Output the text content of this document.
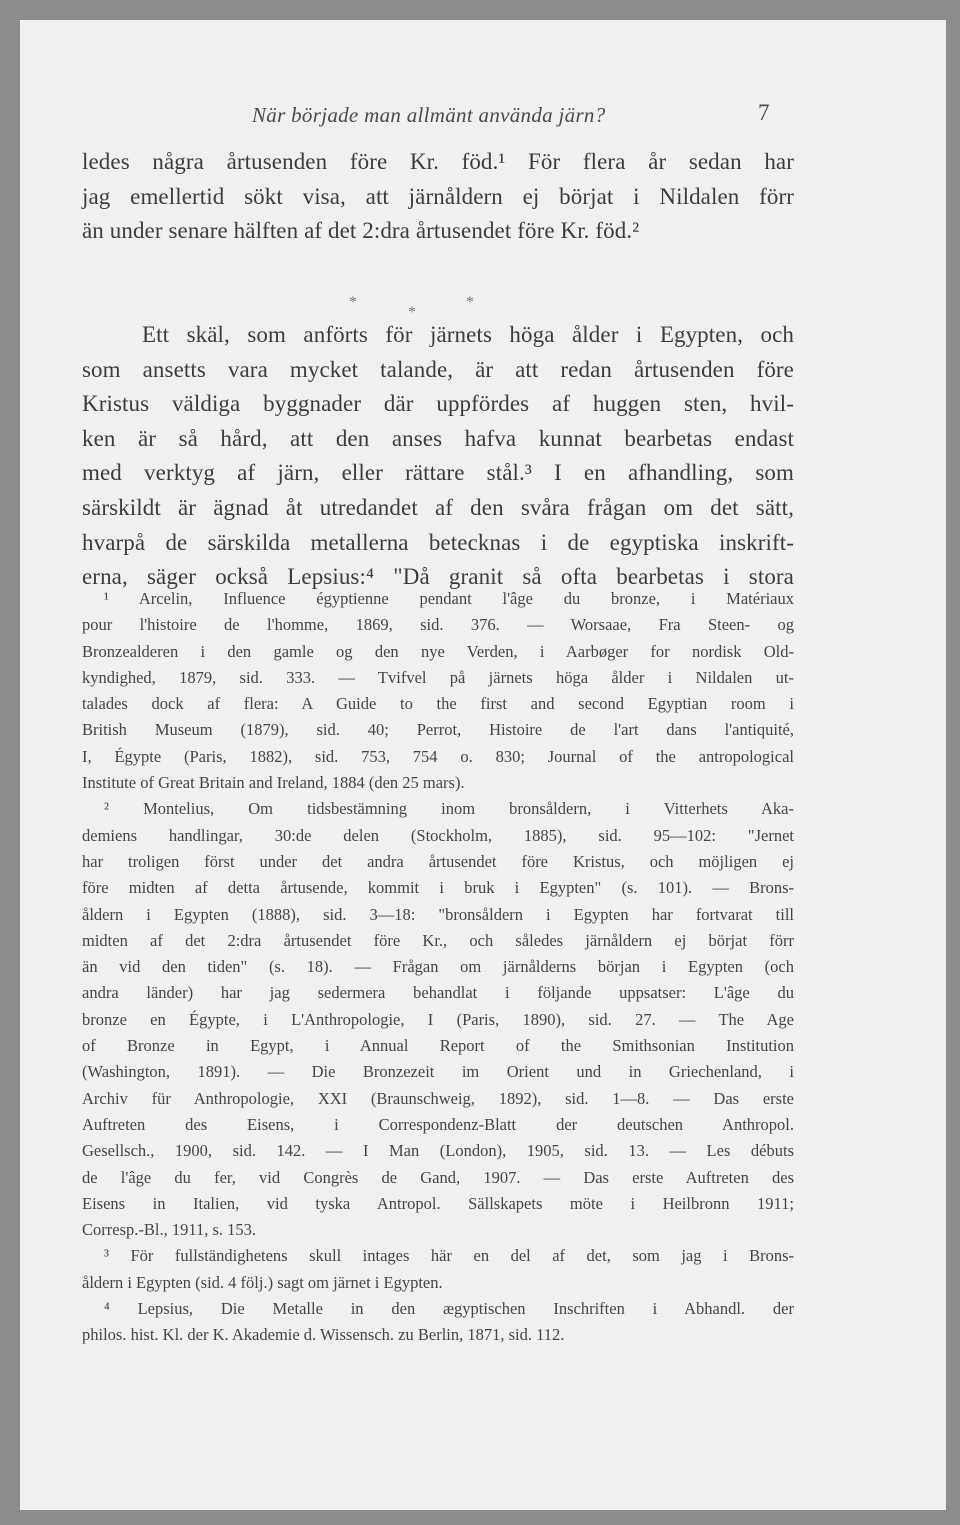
När började man allmänt använda järn?	7
ledes några årtusenden före Kr. föd.¹ För flera år sedan har
jag emellertid sökt visa, att järnåldern ej börjat i Nildalen förr
än under senare hälften af det 2:dra årtusendet före Kr. föd.²
*
*
*
Ett skäl, som anförts för järnets höga ålder i Egypten, och
som ansetts vara mycket talande, är att redan årtusenden före
Kristus väldiga byggnader där uppfördes af huggen sten, hvil-
ken är så hård, att den anses hafva kunnat bearbetas endast
med verktyg af järn, eller rättare stål.³ I en afhandling, som
särskildt är ägnad åt utredandet af den svåra frågan om det sätt,
hvarpå de särskilda metallerna betecknas i de egyptiska inskrift-
erna, säger också Lepsius:⁴ "Då granit så ofta bearbetas i stora
¹ Arcelin, Influence égyptienne pendant l'âge du bronze, i Matériaux
pour l'histoire de l'homme, 1869, sid. 376. — Worsaae, Fra Steen- og
Bronzealderen i den gamle og den nye Verden, i Aarbøger for nordisk Old-
kyndighed, 1879, sid. 333. — Tvifvel på järnets höga ålder i Nildalen ut-
talades dock af flera: A Guide to the first and second Egyptian room i
British Museum (1879), sid. 40; Perrot, Histoire de l'art dans l'antiquité,
I, Égypte (Paris, 1882), sid. 753, 754 o. 830; Journal of the antropological
Institute of Great Britain and Ireland, 1884 (den 25 mars).
² Montelius, Om tidsbestämning inom bronsåldern, i Vitterhets Aka-
demiens handlingar, 30:de delen (Stockholm, 1885), sid. 95—102: "Jernet
har troligen först under det andra årtusendet före Kristus, och möjligen ej
före midten af detta årtusende, kommit i bruk i Egypten" (s. 101). — Brons-
åldern i Egypten (1888), sid. 3—18: "bronsåldern i Egypten har fortvarat till
midten af det 2:dra årtusendet före Kr., och således järnåldern ej börjat förr
än vid den tiden" (s. 18). — Frågan om järnålderns början i Egypten (och
andra länder) har jag sedermera behandlat i följande uppsatser: L'âge du
bronze en Égypte, i L'Anthropologie, I (Paris, 1890), sid. 27. — The Age
of Bronze in Egypt, i Annual Report of the Smithsonian Institution
(Washington, 1891). — Die Bronzezeit im Orient und in Griechenland, i
Archiv für Anthropologie, XXI (Braunschweig, 1892), sid. 1—8. — Das erste
Auftreten des Eisens, i Correspondenz-Blatt der deutschen Anthropol.
Gesellsch., 1900, sid. 142. — I Man (London), 1905, sid. 13. — Les débuts
de l'âge du fer, vid Congrès de Gand, 1907. — Das erste Auftreten des
Eisens in Italien, vid tyska Antropol. Sällskapets möte i Heilbronn 1911;
Corresp.-Bl., 1911, s. 153.
³ För fullständighetens skull intages här en del af det, som jag i Brons-
åldern i Egypten (sid. 4 följ.) sagt om järnet i Egypten.
⁴ Lepsius, Die Metalle in den ægyptischen Inschriften i Abhandl. der
philos. hist. Kl. der K. Akademie d. Wissensch. zu Berlin, 1871, sid. 112.
